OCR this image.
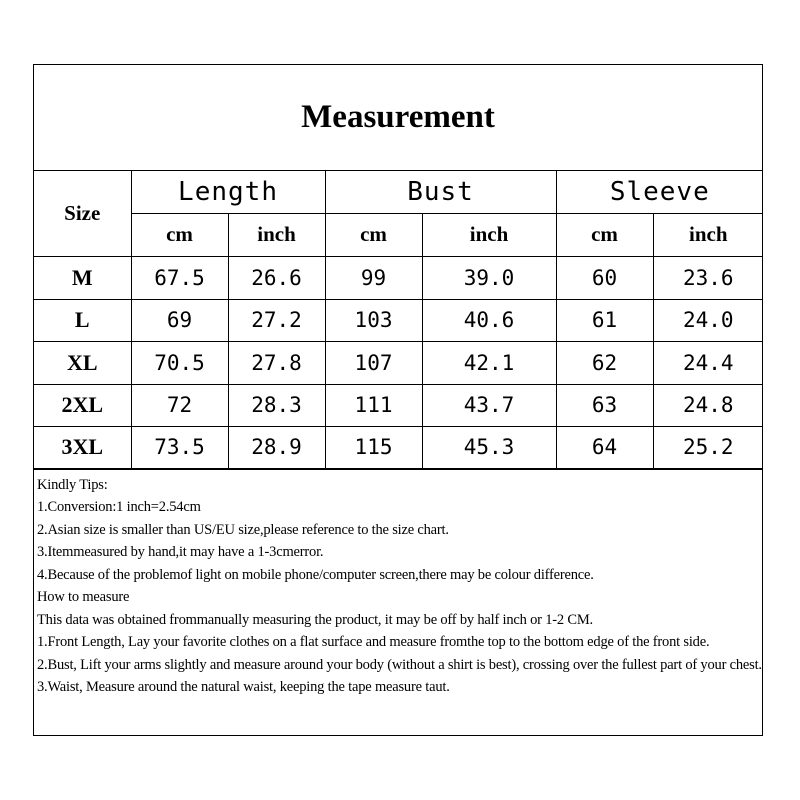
Measurement
Size	Length		Bust		Sleeve	
	cm	inch	cm	inch	cm	inch
M	67.5	26.6	99	39.0	60	23.6
L	69	27.2	103	40.6	61	24.0
XL	70.5	27.8	107	42.1	62	24.4
2XL	72	28.3	111	43.7	63	24.8
3XL	73.5	28.9	115	45.3	64	25.2
Kindly Tips:
1.Conversion:1 inch=2.54cm
2.Asian size is smaller than US/EU size,please reference to the size chart.
3.Itemmeasured by hand,it may have a 1-3cmerror.
4.Because of the problemof light on mobile phone/computer screen,there may be colour difference.
How to measure
This data was obtained frommanually measuring the product, it may be off by half inch or 1-2 CM.
1.Front Length, Lay your favorite clothes on a flat surface and measure fromthe top to the bottom edge of the front side.
2.Bust, Lift your arms slightly and measure around your body (without a shirt is best), crossing over the fullest part of your chest.
3.Waist, Measure around the natural waist, keeping the tape measure taut.
